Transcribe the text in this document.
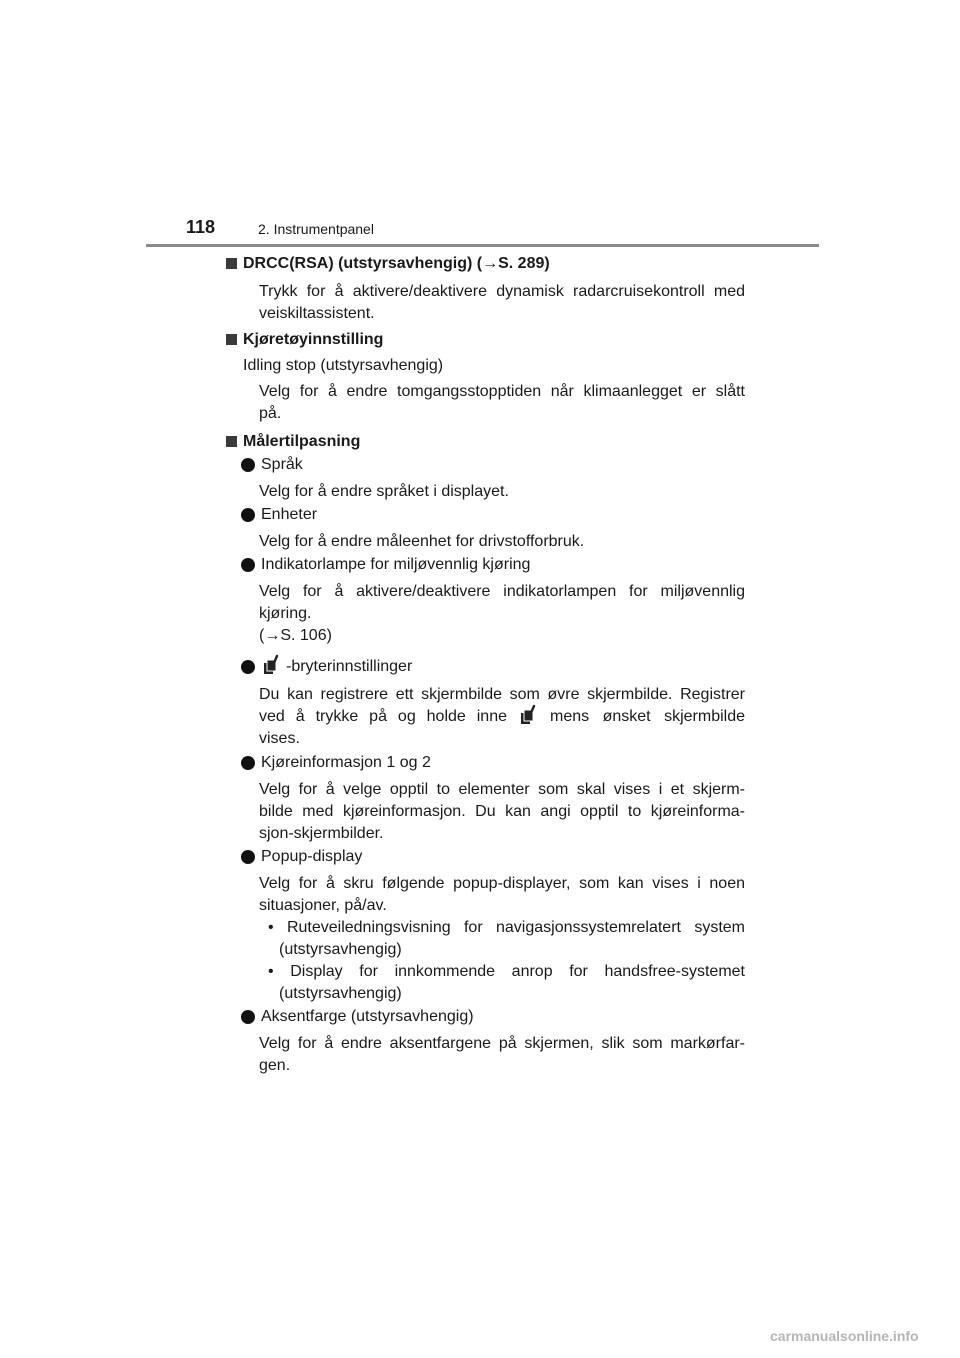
118	2. Instrumentpanel
DRCC(RSA) (utstyrsavhengig) (→S. 289)
Trykk for å aktivere/deaktivere dynamisk radarcruisekontroll med
veiskiltassistent.
Kjøretøyinnstilling
Idling stop (utstyrsavhengig)
Velg for å endre tomgangsstopptiden når klimaanlegget er slått
på.
Målertilpasning
Språk
Velg for å endre språket i displayet.
Enheter
Velg for å endre måleenhet for drivstofforbruk.
Indikatorlampe for miljøvennlig kjøring
Velg for å aktivere/deaktivere indikatorlampen for miljøvennlig
kjøring.
(→S. 106)
-bryterinnstillinger
Du kan registrere ett skjermbilde som øvre skjermbilde. Registrer
ved å trykke på og holde inne	mens ønsket skjermbilde
vises.
Kjøreinformasjon 1 og 2
Velg for å velge opptil to elementer som skal vises i et skjerm-
bilde med kjøreinformasjon. Du kan angi opptil to kjøreinforma-
sjon-skjermbilder.
Popup-display
Velg for å skru følgende popup-displayer, som kan vises i noen
situasjoner, på/av.
• Ruteveiledningsvisning for navigasjonssystemrelatert system
(utstyrsavhengig)
• Display for innkommende anrop for handsfree-systemet
(utstyrsavhengig)
Aksentfarge (utstyrsavhengig)
Velg for å endre aksentfargene på skjermen, slik som markørfar-
gen.
carmanualsonline.info
